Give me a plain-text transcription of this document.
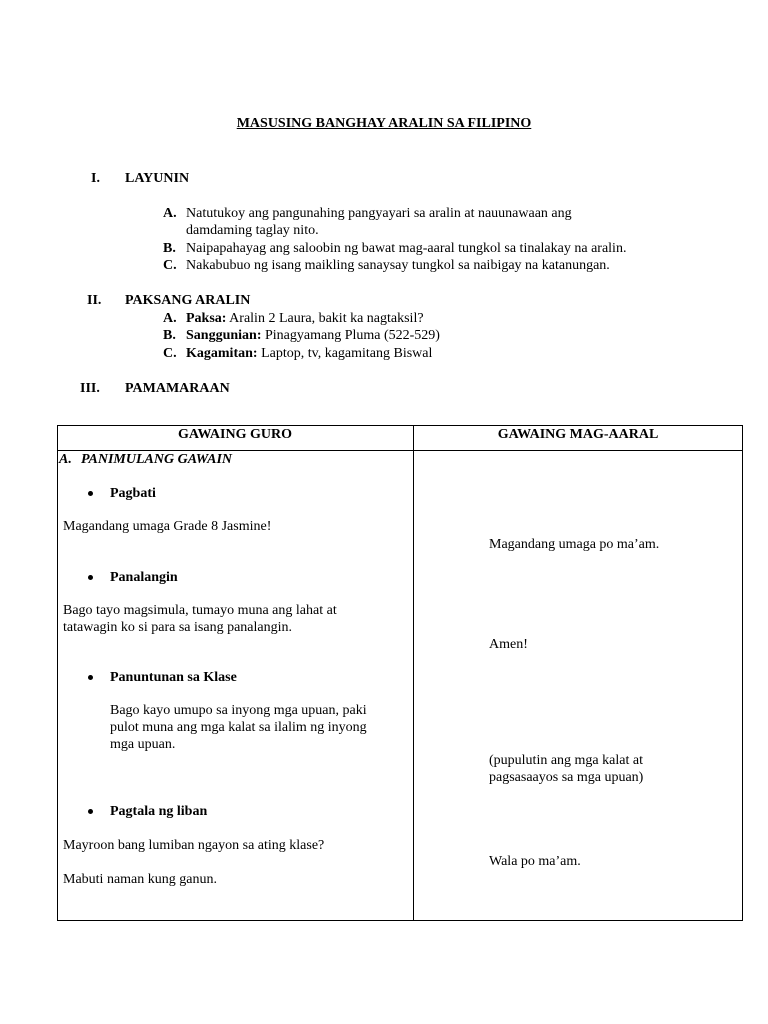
MASUSING BANGHAY ARALIN SA FILIPINO
I. LAYUNIN
A. Natutukoy ang pangunahing pangyayari sa aralin at nauunawaan ang
damdaming taglay nito.
B. Naipapahayag ang saloobin ng bawat mag-aaral tungkol sa tinalakay na aralin.
C. Nakabubuo ng isang maikling sanaysay tungkol sa naibigay na katanungan.
II. PAKSANG ARALIN
A. Paksa: Aralin 2 Laura, bakit ka nagtaksil?
B. Sanggunian: Pinagyamang Pluma (522-529)
C. Kagamitan: Laptop, tv, kagamitang Biswal
III. PAMAMARAAN
GAWAING GURO	GAWAING MAG-AARAL
A. PANIMULANG GAWAIN
Pagbati
Magandang umaga Grade 8 Jasmine!
Magandang umaga po ma’am.
Panalangin
Bago tayo magsimula, tumayo muna ang lahat at
tatawagin ko si para sa isang panalangin.
Amen!
Panuntunan sa Klase
Bago kayo umupo sa inyong mga upuan, paki
pulot muna ang mga kalat sa ilalim ng inyong
mga upuan.
(pupulutin ang mga kalat at
pagsasaayos sa mga upuan)
Pagtala ng liban
Mayroon bang lumiban ngayon sa ating klase?
Mabuti naman kung ganun.
Wala po ma’am.
